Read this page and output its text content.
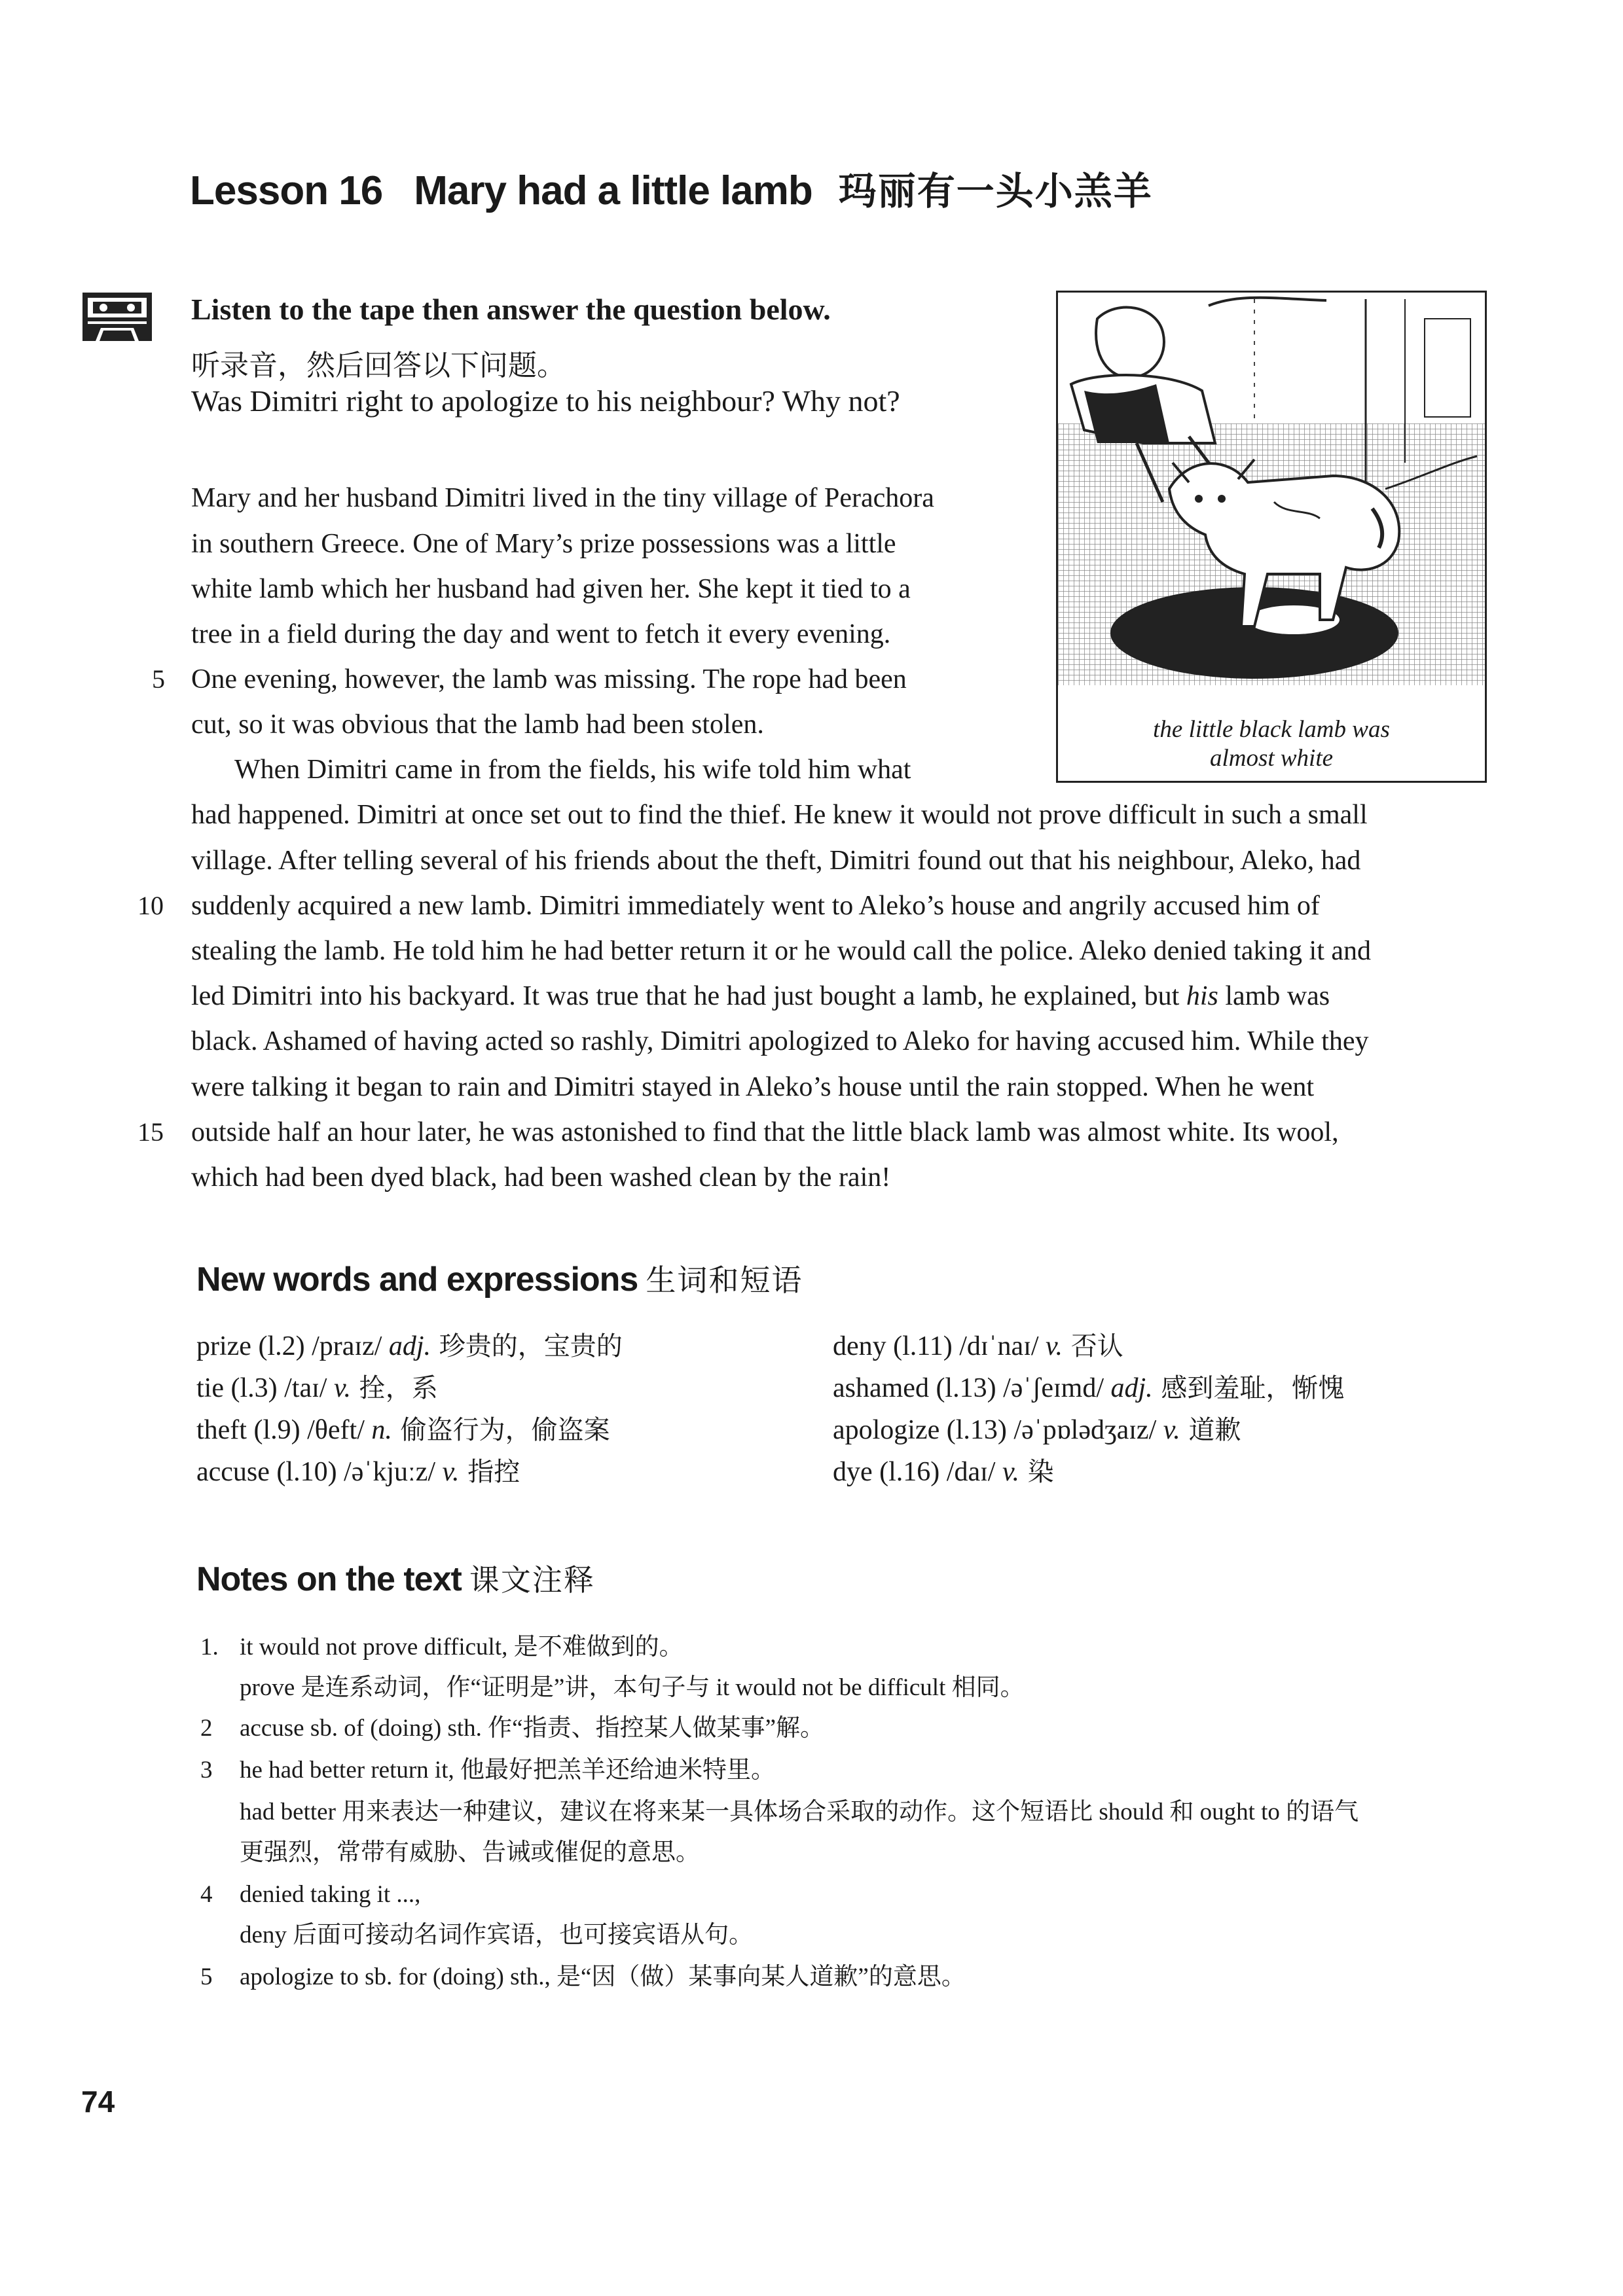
Lesson 16 Mary had a little lamb 玛丽有一头小羔羊
Listen to the tape then answer the question below.
听录音，然后回答以下问题。
Was Dimitri right to apologize to his neighbour? Why not?
the little black lamb was
almost white
Mary and her husband Dimitri lived in the tiny village of Perachora
in southern Greece. One of Mary’s prize possessions was a little
white lamb which her husband had given her. She kept it tied to a
tree in a field during the day and went to fetch it every evening.
5 One evening, however, the lamb was missing. The rope had been
cut, so it was obvious that the lamb had been stolen.
When Dimitri came in from the fields, his wife told him what
had happened. Dimitri at once set out to find the thief. He knew it would not prove difficult in such a small
village. After telling several of his friends about the theft, Dimitri found out that his neighbour, Aleko, had
10 suddenly acquired a new lamb. Dimitri immediately went to Aleko’s house and angrily accused him of
stealing the lamb. He told him he had better return it or he would call the police. Aleko denied taking it and
led Dimitri into his backyard. It was true that he had just bought a lamb, he explained, but his lamb was
black. Ashamed of having acted so rashly, Dimitri apologized to Aleko for having accused him. While they
were talking it began to rain and Dimitri stayed in Aleko’s house until the rain stopped. When he went
15 outside half an hour later, he was astonished to find that the little black lamb was almost white. Its wool,
which had been dyed black, had been washed clean by the rain!
New words and expressions 生词和短语
prize (l.2) /praɪz/ adj. 珍贵的，宝贵的
tie (l.3) /taɪ/ v. 拴，系
theft (l.9) /θeft/ n. 偷盗行为，偷盗案
accuse (l.10) /əˈkjuːz/ v. 指控
deny (l.11) /dɪˈnaɪ/ v. 否认
ashamed (l.13) /əˈʃeɪmd/ adj. 感到羞耻，惭愧
apologize (l.13) /əˈpɒlədʒaɪz/ v. 道歉
dye (l.16) /daɪ/ v. 染
Notes on the text 课文注释
1. it would not prove difficult, 是不难做到的。
prove 是连系动词，作“证明是”讲，本句子与 it would not be difficult 相同。
2 accuse sb. of (doing) sth. 作“指责、指控某人做某事”解。
3 he had better return it, 他最好把羔羊还给迪米特里。
had better 用来表达一种建议，建议在将来某一具体场合采取的动作。这个短语比 should 和 ought to 的语气
更强烈，常带有威胁、告诫或催促的意思。
4 denied taking it ...,
deny 后面可接动名词作宾语，也可接宾语从句。
5 apologize to sb. for (doing) sth., 是“因（做）某事向某人道歉”的意思。
74
